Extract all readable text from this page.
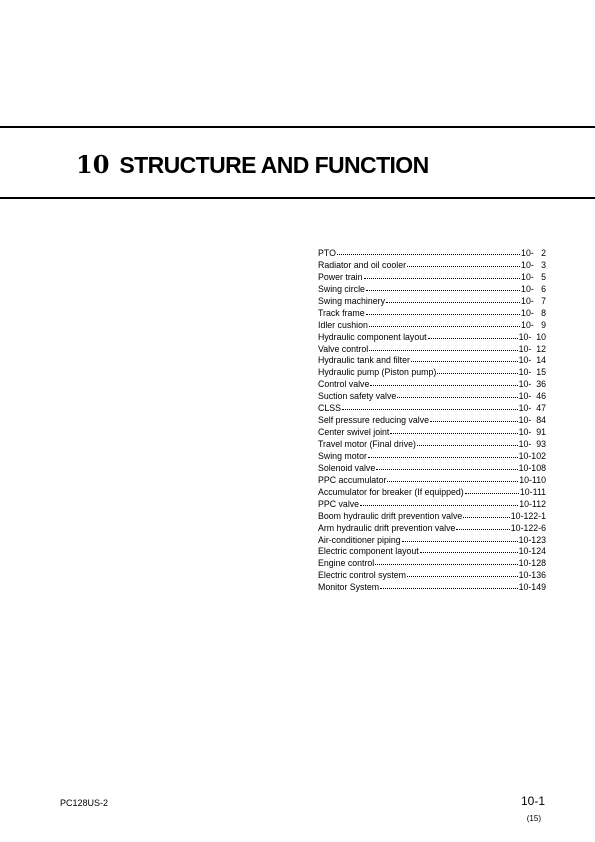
10 STRUCTURE AND FUNCTION
PTO	10-   2
Radiator and oil cooler	10-   3
Power train	10-   5
Swing circle	10-   6
Swing machinery	10-   7
Track frame	10-   8
Idler cushion	10-   9
Hydraulic component layout	10-  10
Valve control	10-  12
Hydraulic tank and filter	10-  14
Hydraulic pump (Piston pump)	10-  15
Control valve	10-  36
Suction safety valve	10-  46
CLSS	10-  47
Self pressure reducing valve	10-  84
Center swivel joint	10-  91
Travel motor (Final drive)	10-  93
Swing motor	10-102
Solenoid valve	10-108
PPC accumulator	10-110
Accumulator for breaker (If equipped)	10-111
PPC valve	10-112
Boom hydraulic drift prevention valve	10-122-1
Arm hydraulic drift prevention valve	10-122-6
Air-conditioner piping	10-123
Electric component layout	10-124
Engine control	10-128
Electric control system	10-136
Monitor System	10-149
PC128US-2	10-1
(15)
